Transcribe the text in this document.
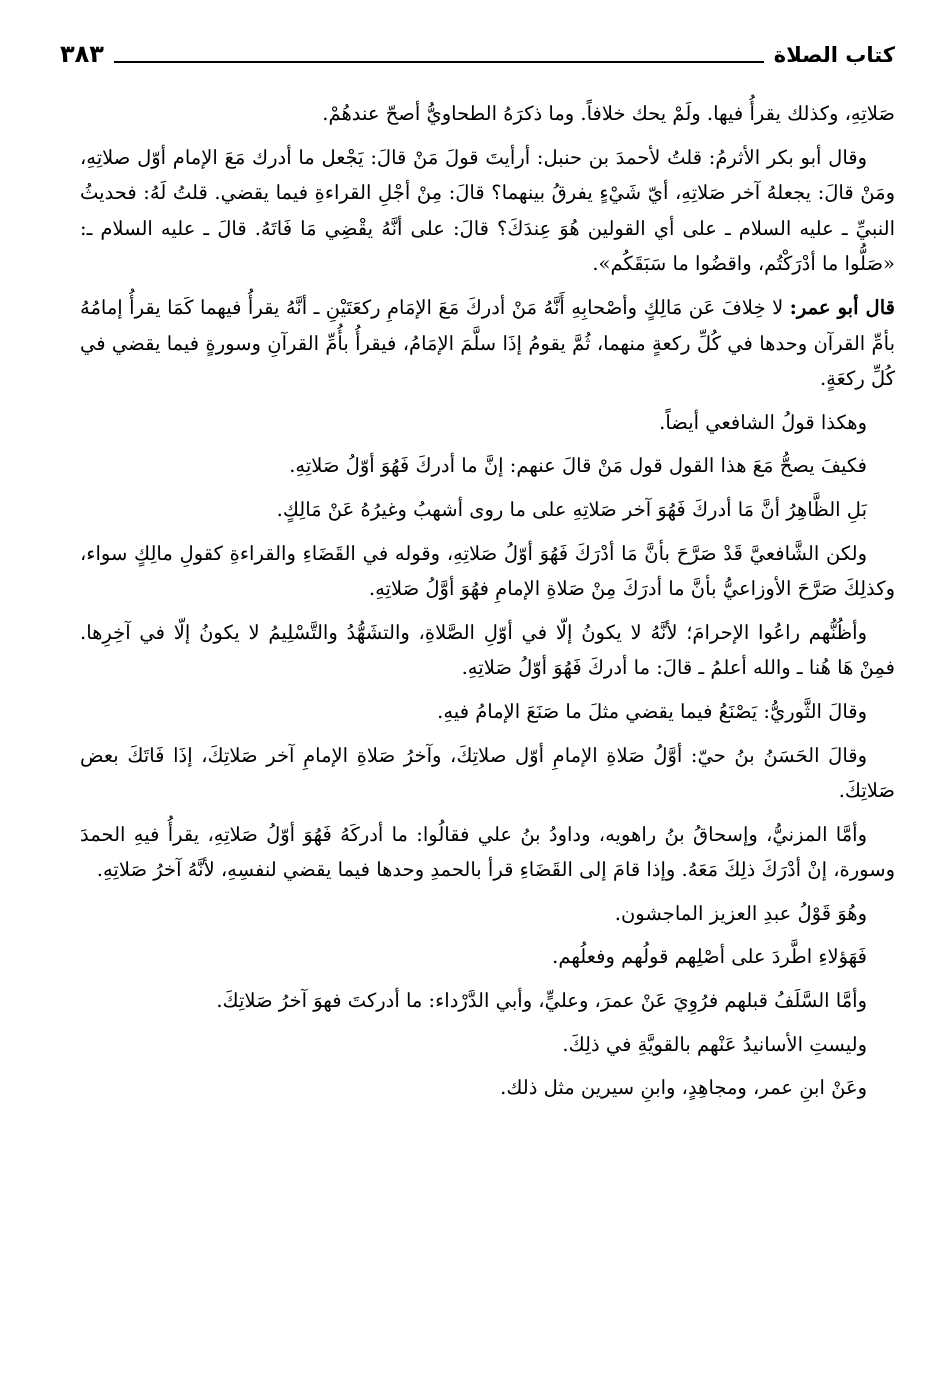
كتاب الصلاة
٣٨٣

صَلاتِهِ، وكذلك يقرأُ فيها. ولَمْ يحك خلافاً. وما ذكرَهُ الطحاويُّ أصحّ عندهُمْ.

وقال أبو بكر الأثرمُ: قلتُ لأحمدَ بن حنبل: أرأيتَ قولَ مَنْ قالَ: يَجْعل ما أدرك مَعَ الإمام أوّل صلاتِهِ، ومَنْ قالَ: يجعلهُ آخر صَلاتِهِ، أيّ شَيْءٍ يفرقُ بينهما؟ قالَ: مِنْ أجْلِ القراءةِ فيما يقضي. قلتُ لَهُ: فحديثُ النبيِّ ـ عليه السلام ـ على أي القولين هُوَ عِندَكَ؟ قالَ: على أنَّهُ يقْضِي مَا فَاتَهُ. قالَ ـ عليه السلام ـ: «صَلُّوا ما أدْرَكْتُم، واقضُوا ما سَبَقَكُم».

قال أبو عمر: لا خِلافَ عَن مَالِكٍ وأصْحابِهِ أَنَّهُ مَنْ أدركَ مَعَ الإمَامِ ركعَتَيْنِ ـ أنَّهُ يقرأُ فيهما كَمَا يقرأُ إمامُهُ بأمِّ القرآن وحدها في كُلِّ ركعةٍ منهما، ثُمَّ يقومُ إذَا سلَّمَ الإمَامُ، فيقرأُ بأُمِّ القرآنِ وسورةٍ فيما يقضي في كُلِّ ركعَةٍ.

وهكذا قولُ الشافعي أيضاً.

فكيفَ يصحُّ مَعَ هذا القول قول مَنْ قالَ عنهم: إنَّ ما أدركَ فَهُوَ أوّلُ صَلاتِهِ.

بَلِ الظَّاهِرُ أنَّ مَا أدركَ فَهُوَ آخر صَلاتِهِ على ما روى أشهبُ وغيرُهُ عَنْ مَالِكٍ.

ولكن الشَّافعيَّ قَدْ صَرَّحَ بأنَّ مَا أدْرَكَ فَهُوَ أوّلُ صَلاتِهِ، وقوله في القَضَاءِ والقراءةِ كقولِ مالِكٍ سواء، وكذلِكَ صَرَّحَ الأوزاعيُّ بأنَّ ما أدرَكَ مِنْ صَلاةِ الإمامِ فهُوَ أوَّلُ صَلاتِهِ.

وأظُنُّهم راعُوا الإحرامَ؛ لأنَّهُ لا يكونُ إلّا في أوّلِ الصَّلاةِ، والتشَهُّدُ والتَّسْلِيمُ لا يكونُ إلّا في آخِرِها. فمِنْ هَا هُنا ـ والله أعلمُ ـ قالَ: ما أدركَ فَهُوَ أوّلُ صَلاتِهِ.

وقالَ الثَّوريُّ: يَصْنَعُ فيما يقضي مثلَ ما صَنَعَ الإمامُ فيهِ.

وقالَ الحَسَنُ بنُ حيّ: أوَّلُ صَلاةِ الإمامِ أوّل صلاتِكَ، وآخرُ صَلاةِ الإمامِ آخر صَلاتِكَ، إذَا فَاتَكَ بعض صَلاتِكَ.

وأمَّا المزنيُّ، وإسحاقُ بنُ راهويه، وداودُ بنُ علي فقالُوا: ما أدركَهُ فَهُوَ أوّلُ صَلاتِهِ، يقرأُ فيهِ الحمدَ وسورة، إنْ أدْرَكَ ذلِكَ مَعَهُ. وإذا قامَ إلى القَضَاءِ قرأ بالحمدِ وحدها فيما يقضي لنفسِهِ، لأنَّهُ آخرُ صَلاتِهِ.

وهُوَ قَوْلُ عبدِ العزيز الماجشون.

فَهَؤلاءِ اطَّردَ على أصْلِهم قولُهم وفعلُهم.

وأمَّا السَّلَفُ قبلهم فرُوِيَ عَنْ عمرَ، وعليٍّ، وأبي الدَّرْداء: ما أدركتَ فهوَ آخرُ صَلاتِكَ.

وليستِ الأسانيدُ عَنْهم بالقويَّةِ في ذلِكَ.

وعَنْ ابنِ عمر، ومجاهِدٍ، وابنِ سيرين مثل ذلك.
